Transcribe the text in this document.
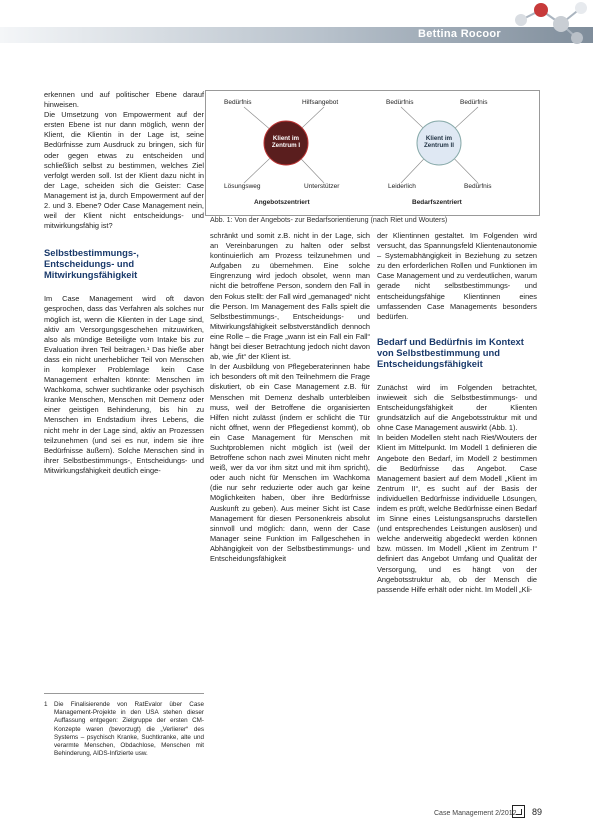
Bettina Rocoor
Bedürfnis	Hilfsangebot
Klient im Zentrum I
Lösungsweg	Unterstützer
Angebotszentriert
Bedürfnis	Bedürfnis
Klient im Zentrum II
Leiderlich	Bedürfnis
Bedarfszentriert
Abb. 1: Von der Angebots- zur Bedarfsorientierung (nach Riet und Wouters)

erkennen und auf politischer Ebene darauf hinweisen.

Die Umsetzung von Empowerment auf der ersten Ebene ist nur dann möglich, wenn der Klient, die Klientin in der Lage ist, seine Bedürfnisse zum Ausdruck zu bringen, sich für oder gegen etwas zu entscheiden und schließlich selbst zu bestimmen, welches Ziel verfolgt werden soll. Ist der Klient dazu nicht in der Lage, scheiden sich die Geister: Case Management ist ja, durch Empowerment auf der 2. und 3. Ebene? Oder Case Management nein, weil der Klient nicht entscheidungs- und mitwirkungsfähig ist?

Selbstbestimmungs-, Entscheidungs- und Mitwirkungsfähigkeit

Im Case Management wird oft davon gesprochen, dass das Verfahren als solches nur möglich ist, wenn die Klienten in der Lage sind, aktiv am Versorgungsgeschehen mitzuwirken, also als mündige Beteiligte vom Intake bis zur Evaluation ihren Teil beitragen.¹ Das hieße aber dass ein nicht unerheblicher Teil von Menschen in komplexer Problemlage kein Case Management erhalten könnte: Menschen im Wachkoma, schwer suchtkranke oder psychisch kranke Menschen, Menschen mit Demenz oder einer geistigen Behinderung, bis hin zu Menschen im Endstadium ihres Lebens, die nicht mehr in der Lage sind, aktiv an Prozessen teilzunehmen (und sei es nur, indem sie ihre Bedürfnisse äußern). Solche Menschen sind in ihrer Selbstbestimmungs-, Entscheidungs- und Mitwirkungsfähigkeit deutlich einge-

1 Die Finalisierende von RatEvalor über Case Management-Projekte in den USA stehen dieser Auffassung entgegen: Zielgruppe der ersten CM-Konzepte waren (bevorzugt) die „Verlierer“ des Systems – psychisch Kranke, Suchtkranke, alte und verarmte Menschen, Obdachlose, Menschen mit Behinderung, AIDS-Infizierte usw.

schränkt und somit z.B. nicht in der Lage, sich an Vereinbarungen zu halten oder selbst kontinuierlich am Prozess teilzunehmen und Aufgaben zu übernehmen. Eine solche Eingrenzung wird jedoch obsolet, wenn man nicht die betroffene Person, sondern den Fall in den Fokus stellt: der Fall wird „gemanaged“ nicht die Person. Im Management des Falls spielt die Selbstbestimmungs-, Entscheidungs- und Mitwirkungsfähigkeit selbstverständlich dennoch eine Rolle – die Frage „wann ist ein Fall ein Fall“ hängt bei dieser Betrachtung jedoch nicht davon ab, wie „fit“ der Klient ist.

In der Ausbildung von Pflegeberaterinnen habe ich besonders oft mit den Teilnehmern die Frage diskutiert, ob ein Case Management z.B. für Menschen mit Demenz deshalb unterbleiben muss, weil der Betroffene die organisierten Hilfen nicht zulässt (indem er schlicht die Tür nicht öffnet, wenn der Pflegedienst kommt), ob ein Case Management für Menschen mit Suchtproblemen nicht möglich ist (weil der Betroffene schon nach zwei Minuten nicht mehr weiß, wer da vor ihm sitzt und mit ihm spricht), oder auch nicht für Menschen im Wachkoma (die nur sehr reduzierte oder auch gar keine Möglichkeiten haben, über ihre Bedürfnisse Auskunft zu geben). Aus meiner Sicht ist Case Management für diesen Personenkreis absolut sinnvoll und möglich: dann, wenn der Case Manager seine Funktion im Fallgeschehen in Abhängigkeit von der Selbstbestimmungs- und Entscheidungsfähigkeit

der Klientinnen gestaltet. Im Folgenden wird versucht, das Spannungsfeld Klientenautonomie – Systemabhängigkeit in Beziehung zu setzen zu den erforderlichen Rollen und Funktionen im Case Management und zu verdeutlichen, warum gerade nicht selbstbestimmungs- und entscheidungsfähige Klientinnen eines umfassenden Case Managements besonders bedürfen.

Bedarf und Bedürfnis im Kontext von Selbstbestimmung und Entscheidungsfähigkeit

Zunächst wird im Folgenden betrachtet, inwieweit sich die Selbstbestimmungs- und Entscheidungsfähigkeit der Klienten grundsätzlich auf die Angebotsstruktur mit und ohne Case Management auswirkt (Abb. 1).

In beiden Modellen steht nach Riet/Wouters der Klient im Mittelpunkt. Im Modell 1 definieren die Angebote den Bedarf, im Modell 2 bestimmen die Bedürfnisse das Angebot. Case Management basiert auf dem Modell „Klient im Zentrum II“, es sucht auf der Basis der individuellen Bedürfnisse individuelle Lösungen, indem es prüft, welche Bedürfnisse einen Bedarf im Sinne eines Leistungsanspruchs darstellen (und entsprechendes Leistungen auslösen) und welche anderweitig abgedeckt werden können bzw. müssen. Im Modell „Klient im Zentrum I“ definiert das Angebot Umfang und Qualität der Versorgung, und es hängt von der Angebotsstruktur ab, ob der Mensch die passende Hilfe erhält oder nicht. Im Modell „Kli-

Case Management 2/2012 89
